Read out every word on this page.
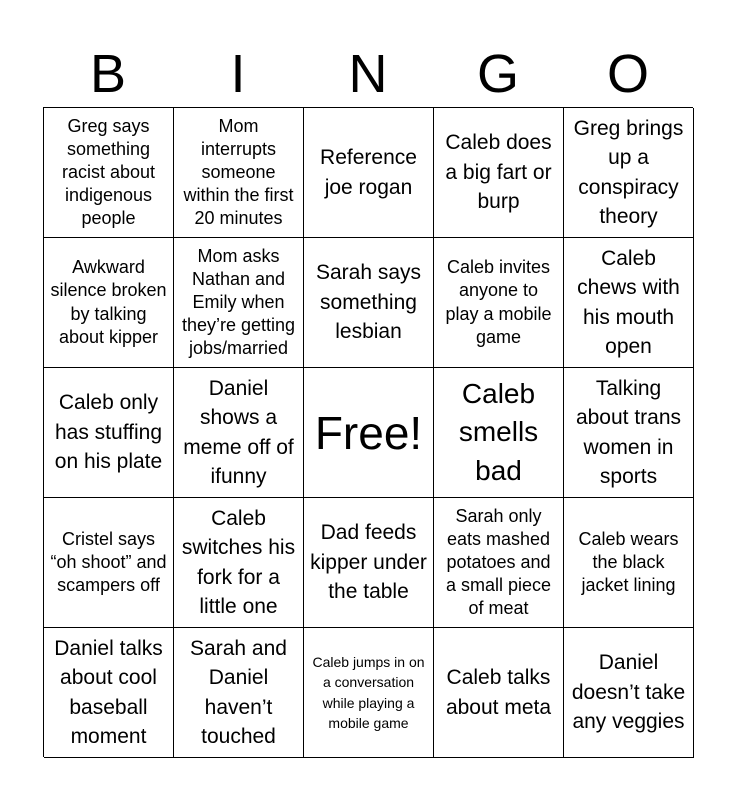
B	I	N	G	O
Greg says something racist about indigenous people
Mom interrupts someone within the first 20 minutes
Reference joe rogan
Caleb does a big fart or burp
Greg brings up a conspiracy theory
Awkward silence broken by talking about kipper
Mom asks Nathan and Emily when they’re getting jobs/married
Sarah says something lesbian
Caleb invites anyone to play a mobile game
Caleb chews with his mouth open
Caleb only has stuffing on his plate
Daniel shows a meme off of ifunny
Free!
Caleb smells bad
Talking about trans women in sports
Cristel says “oh shoot” and scampers off
Caleb switches his fork for a little one
Dad feeds kipper under the table
Sarah only eats mashed potatoes and a small piece of meat
Caleb wears the black jacket lining
Daniel talks about cool baseball moment
Sarah and Daniel haven’t touched
Caleb jumps in on a conversation while playing a mobile game
Caleb talks about meta
Daniel doesn’t take any veggies
